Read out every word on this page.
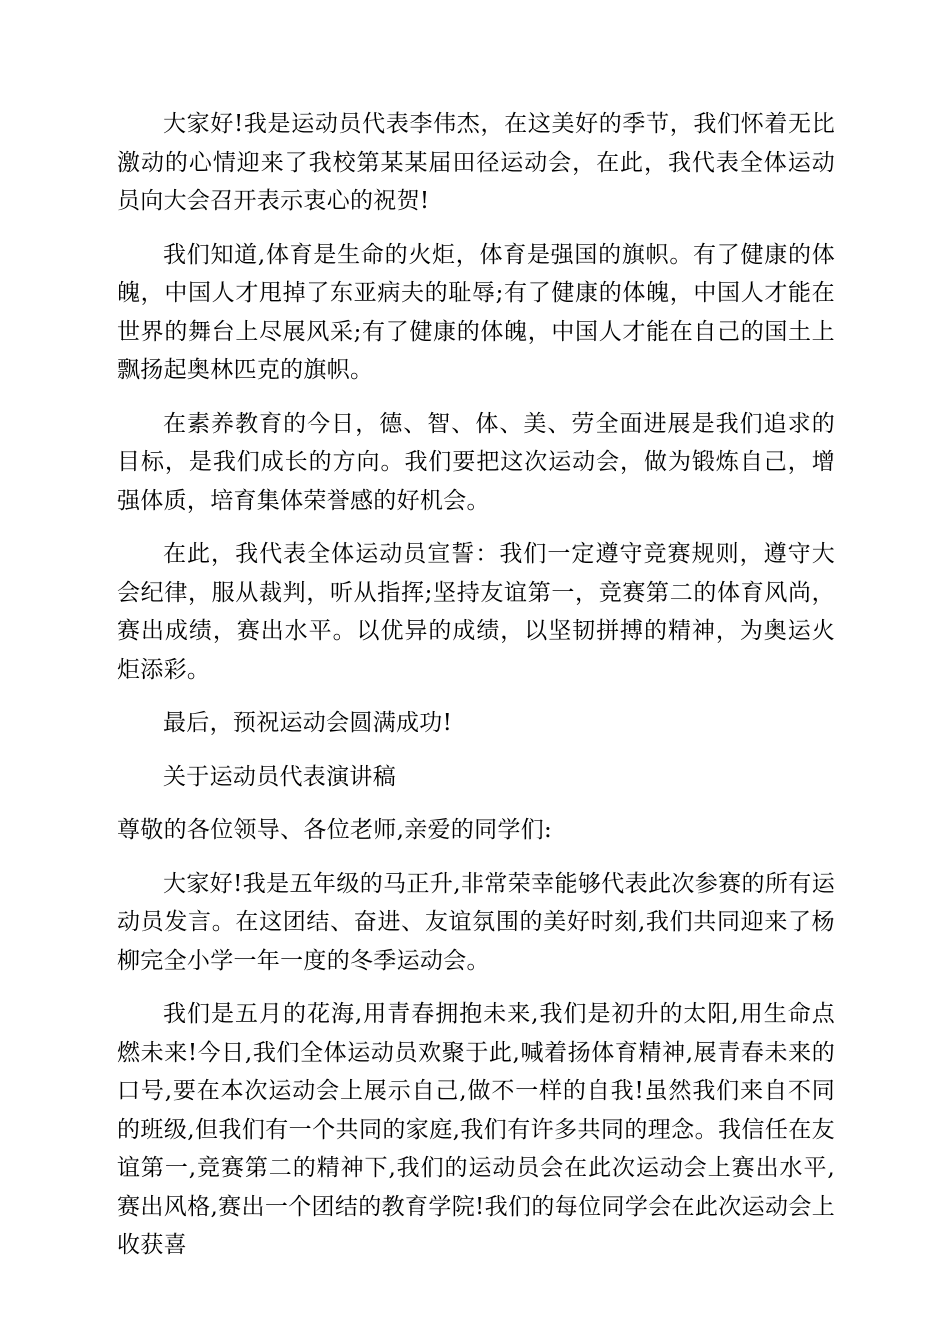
大家好!我是运动员代表李伟杰，在这美好的季节，我们怀着无比激动的心情迎来了我校第某某届田径运动会，在此，我代表全体运动员向大会召开表示衷心的祝贺!

我们知道,体育是生命的火炬，体育是强国的旗帜。有了健康的体魄，中国人才甩掉了东亚病夫的耻辱;有了健康的体魄，中国人才能在世界的舞台上尽展风采;有了健康的体魄，中国人才能在自己的国土上飘扬起奥林匹克的旗帜。

在素养教育的今日，德、智、体、美、劳全面进展是我们追求的目标，是我们成长的方向。我们要把这次运动会，做为锻炼自己，增强体质，培育集体荣誉感的好机会。

在此，我代表全体运动员宣誓：我们一定遵守竞赛规则，遵守大会纪律，服从裁判，听从指挥;坚持友谊第一，竞赛第二的体育风尚，赛出成绩，赛出水平。以优异的成绩，以坚韧拼搏的精神，为奥运火炬添彩。

最后，预祝运动会圆满成功!

关于运动员代表演讲稿

尊敬的各位领导、各位老师,亲爱的同学们:

大家好!我是五年级的马正升,非常荣幸能够代表此次参赛的所有运动员发言。在这团结、奋进、友谊氛围的美好时刻,我们共同迎来了杨柳完全小学一年一度的冬季运动会。

我们是五月的花海,用青春拥抱未来,我们是初升的太阳,用生命点燃未来!今日,我们全体运动员欢聚于此,喊着扬体育精神,展青春未来的口号,要在本次运动会上展示自己,做不一样的自我!虽然我们来自不同的班级,但我们有一个共同的家庭,我们有许多共同的理念。我信任在友谊第一,竞赛第二的精神下,我们的运动员会在此次运动会上赛出水平,赛出风格,赛出一个团结的教育学院!我们的每位同学会在此次运动会上收获喜
